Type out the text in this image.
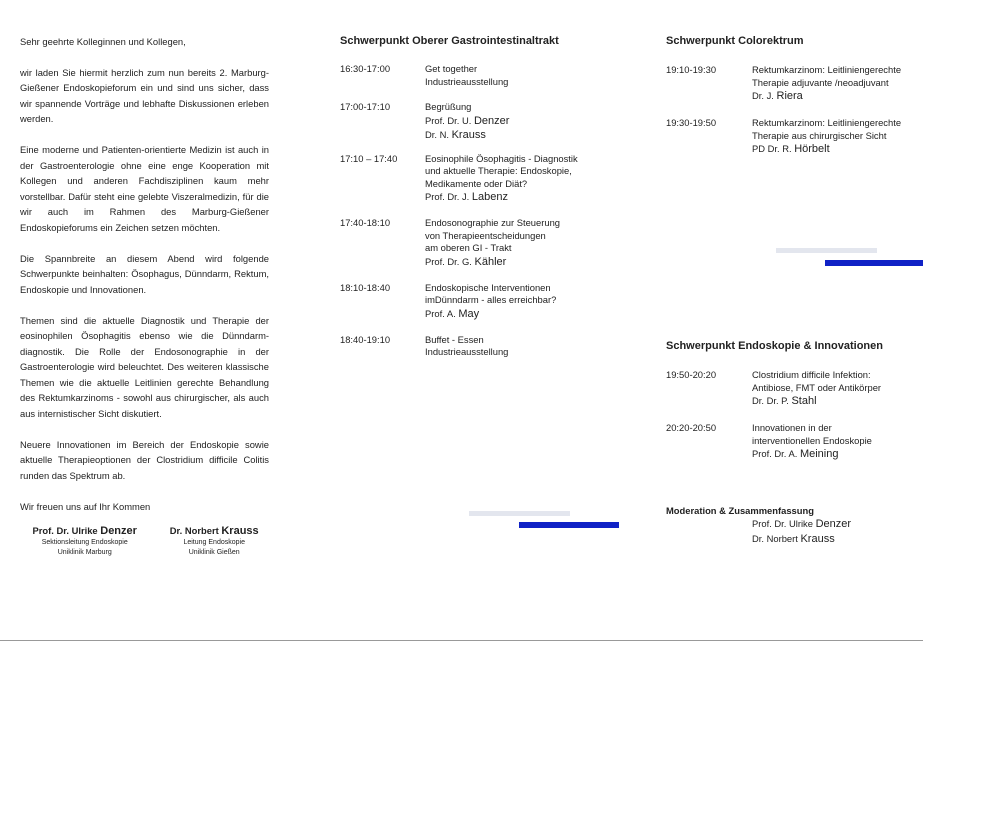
Sehr geehrte Kolleginnen und Kollegen,

wir laden Sie hiermit herzlich zum nun bereits 2. Marburg-Gießener Endoskopieforum ein und sind uns sicher, dass wir spannende Vorträge und lebhafte Diskussionen erleben werden.

Eine moderne und Patienten-orientierte Medizin ist auch in der Gastroenterologie ohne eine enge Kooperation mit Kollegen und anderen Fachdisziplinen kaum mehr vorstellbar. Dafür steht eine gelebte Viszeralmedizin, für die wir auch im Rahmen des Marburg-Gießener Endoskopieforums ein Zeichen setzen möchten.

Die Spannbreite an diesem Abend wird folgende Schwerpunkte beinhalten: Ösophagus, Dünndarm, Rektum, Endoskopie und Innovationen.

Themen sind die aktuelle Diagnostik und Therapie der eosinophilen Ösophagitis ebenso wie die Dünndarm-diagnostik. Die Rolle der Endosonographie in der Gastroenterologie wird beleuchtet. Des weiteren klassische Themen wie die aktuelle Leitlinien gerechte Behandlung des Rektumkarzinoms - sowohl aus chirurgischer, als auch aus internistischer Sicht diskutiert.

Neuere Innovationen im Bereich der Endoskopie sowie aktuelle Therapieoptionen der Clostridium difficile Colitis runden das Spektrum ab.

Wir freuen uns auf Ihr Kommen

Prof. Dr. Ulrike Denzer
Sektionsleitung Endoskopie
Uniklinik Marburg
Dr. Norbert Krauss
Leitung Endoskopie
Uniklinik Gießen
Schwerpunkt Oberer Gastrointestinaltrakt
16:30-17:00	Get together
Industrieausstellung
17:00-17:10	Begrüßung
Prof. Dr. U. Denzer
Dr. N. Krauss
17:10 – 17:40	Eosinophile Ösophagitis - Diagnostik
und aktuelle Therapie: Endoskopie,
Medikamente oder Diät?
Prof. Dr. J. Labenz
17:40-18:10	Endosonographie zur Steuerung
von Therapieentscheidungen
am oberen GI - Trakt
Prof. Dr. G. Kähler
18:10-18:40	Endoskopische Interventionen
imDünndarm - alles erreichbar?
Prof. A. May
18:40-19:10	Buffet - Essen
Industrieausstellung
Schwerpunkt Colorektrum
19:10-19:30	Rektumkarzinom: Leitliniengerechte
Therapie adjuvante /neoadjuvant
Dr. J. Riera
19:30-19:50	Rektumkarzinom: Leitliniengerechte
Therapie aus chirurgischer Sicht
PD Dr. R. Hörbelt
Schwerpunkt Endoskopie & Innovationen
19:50-20:20	Clostridium difficile Infektion:
Antibiose, FMT oder Antikörper
Dr. Dr. P. Stahl
20:20-20:50	Innovationen in der
interventionellen Endoskopie
Prof. Dr. A. Meining
Moderation & Zusammenfassung
Prof. Dr. Ulrike Denzer
Dr. Norbert Krauss
